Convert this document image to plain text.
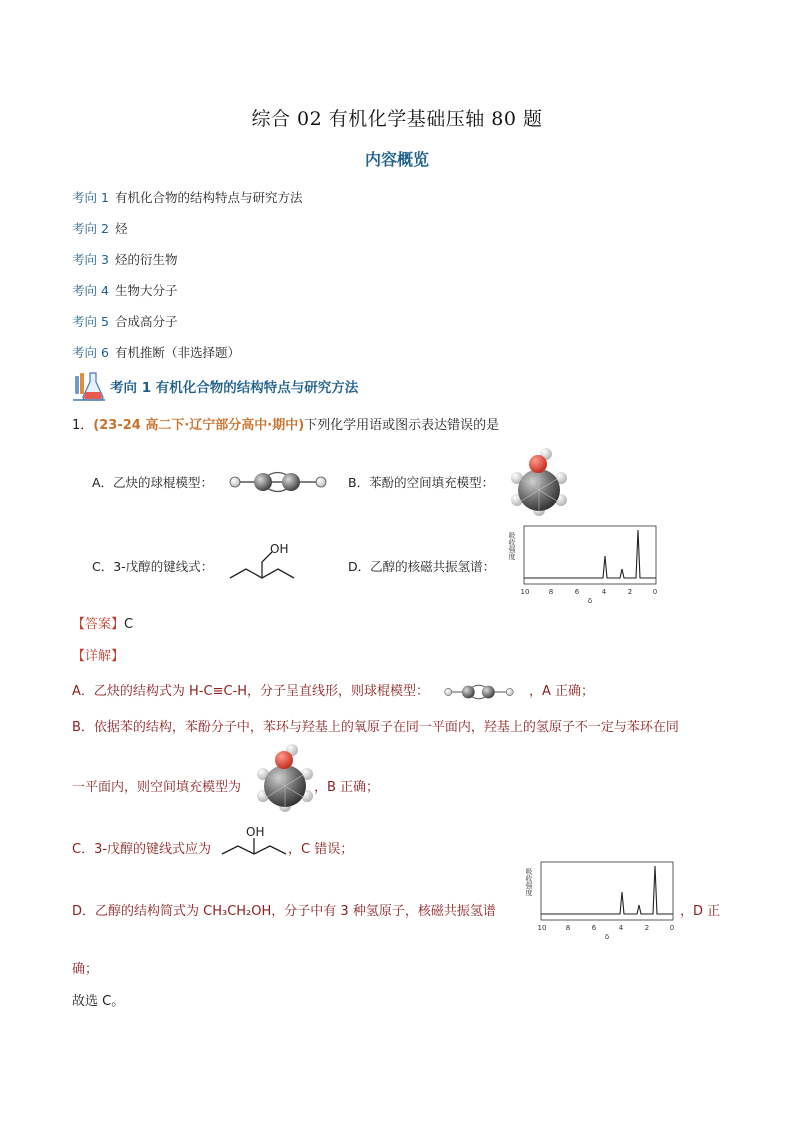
综合 02 有机化学基础压轴 80 题
内容概览
考向 1 有机化合物的结构特点与研究方法
考向 2 烃
考向 3 烃的衍生物
考向 4 生物大分子
考向 5 合成高分子
考向 6 有机推断（非选择题）
考向 1 有机化合物的结构特点与研究方法
1．(23-24 高二下·辽宁部分高中·期中)下列化学用语或图示表达错误的是
A．乙炔的球棍模型：	B．苯酚的空间填充模型：
C．3-戊醇的键线式：
OH
D．乙醇的核磁共振氢谱：
吸收强度
10	8	6	4	2	0
δ
【答案】C
【详解】
A．乙炔的结构式为 H-C≡C-H，分子呈直线形，则球棍模型：	，A 正确；
B．依据苯的结构，苯酚分子中，苯环与羟基上的氧原子在同一平面内，羟基上的氢原子不一定与苯环在同
一平面内，则空间填充模型为	，B 正确；
C．3-戊醇的键线式应为
OH
，C 错误；
D．乙醇的结构简式为 CH₃CH₂OH，分子中有 3 种氢原子，核磁共振氢谱
吸收强度
10	8	6	4	2	0
δ
，D 正
确；
故选 C。
